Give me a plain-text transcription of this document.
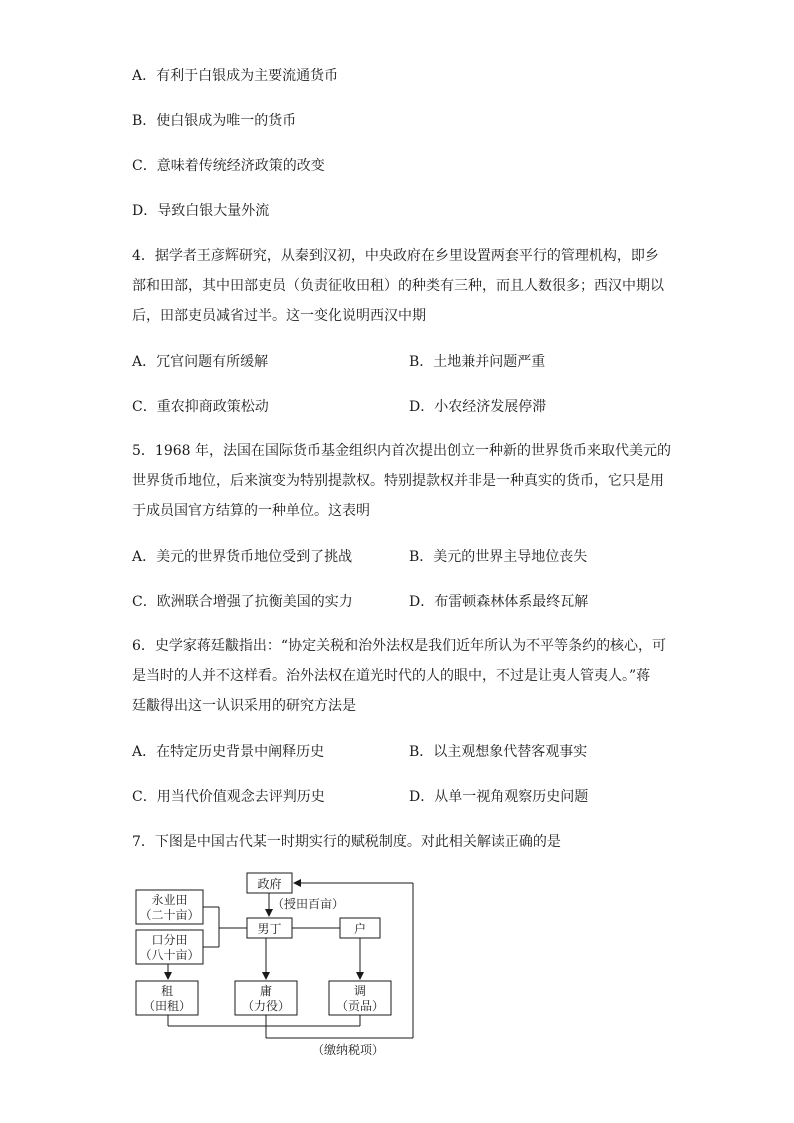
A．有利于白银成为主要流通货币
B．使白银成为唯一的货币
C．意味着传统经济政策的改变
D．导致白银大量外流
4．据学者王彦辉研究，从秦到汉初，中央政府在乡里设置两套平行的管理机构，即乡
部和田部，其中田部吏员（负责征收田租）的种类有三种，而且人数很多；西汉中期以
后，田部吏员减省过半。这一变化说明西汉中期
A．冗官问题有所缓解	B．土地兼并问题严重
C．重农抑商政策松动	D．小农经济发展停滞
5．1968 年，法国在国际货币基金组织内首次提出创立一种新的世界货币来取代美元的
世界货币地位，后来演变为特别提款权。特别提款权并非是一种真实的货币，它只是用
于成员国官方结算的一种单位。这表明
A．美元的世界货币地位受到了挑战	B．美元的世界主导地位丧失
C．欧洲联合增强了抗衡美国的实力	D．布雷顿森林体系最终瓦解
6．史学家蒋廷黻指出：“协定关税和治外法权是我们近年所认为不平等条约的核心，可
是当时的人并不这样看。治外法权在道光时代的人的眼中，不过是让夷人管夷人。”蒋
廷黻得出这一认识采用的研究方法是
A．在特定历史背景中阐释历史	B．以主观想象代替客观事实
C．用当代价值观念去评判历史	D．从单一视角观察历史问题
7．下图是中国古代某一时期实行的赋税制度。对此相关解读正确的是
政府
（授田百亩）
永业田
（二十亩）
口分田
（八十亩）
男丁	户
租
（田租）
庸
（力役）
调
（贡品）
（缴纳税项）
